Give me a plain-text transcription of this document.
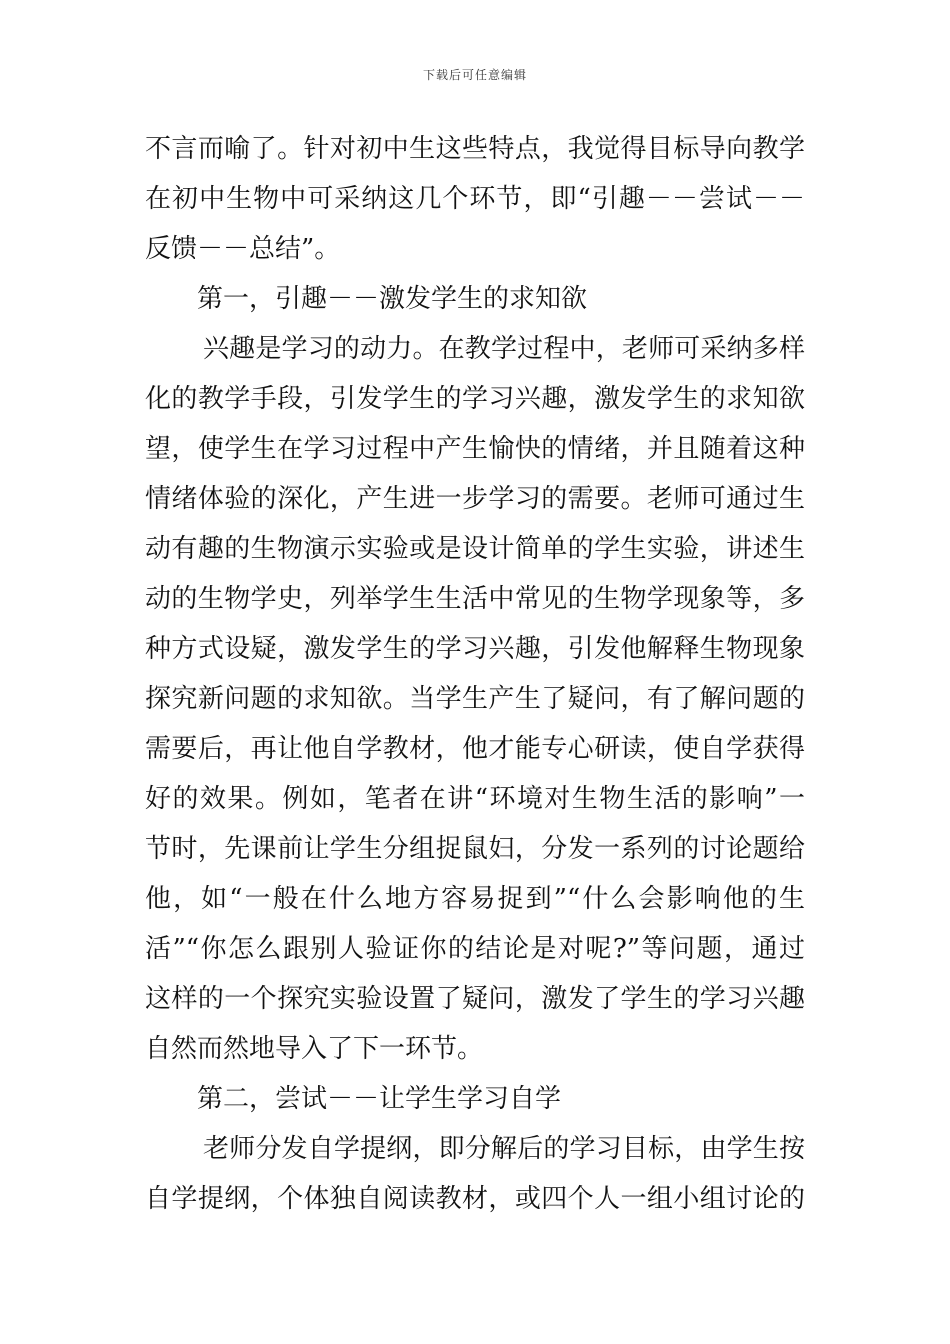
下载后可任意编辑
不言而喻了。针对初中生这些特点，我觉得目标导向教学
在初中生物中可采纳这几个环节，即“引趣－－尝试－－
反馈－－总结”。
第一，引趣－－激发学生的求知欲
兴趣是学习的动力。在教学过程中，老师可采纳多样
化的教学手段，引发学生的学习兴趣，激发学生的求知欲
望，使学生在学习过程中产生愉快的情绪，并且随着这种
情绪体验的深化，产生进一步学习的需要。老师可通过生
动有趣的生物演示实验或是设计简单的学生实验，讲述生
动的生物学史，列举学生生活中常见的生物学现象等，多
种方式设疑，激发学生的学习兴趣，引发他解释生物现象
探究新问题的求知欲。当学生产生了疑问，有了解问题的
需要后，再让他自学教材，他才能专心研读，使自学获得
好的效果。例如，笔者在讲“环境对生物生活的影响”一
节时，先课前让学生分组捉鼠妇，分发一系列的讨论题给
他，如“一般在什么地方容易捉到”“什么会影响他的生
活”“你怎么跟别人验证你的结论是对呢?”等问题，通过
这样的一个探究实验设置了疑问，激发了学生的学习兴趣
自然而然地导入了下一环节。
第二，尝试－－让学生学习自学
老师分发自学提纲，即分解后的学习目标，由学生按
自学提纲，个体独自阅读教材，或四个人一组小组讨论的
